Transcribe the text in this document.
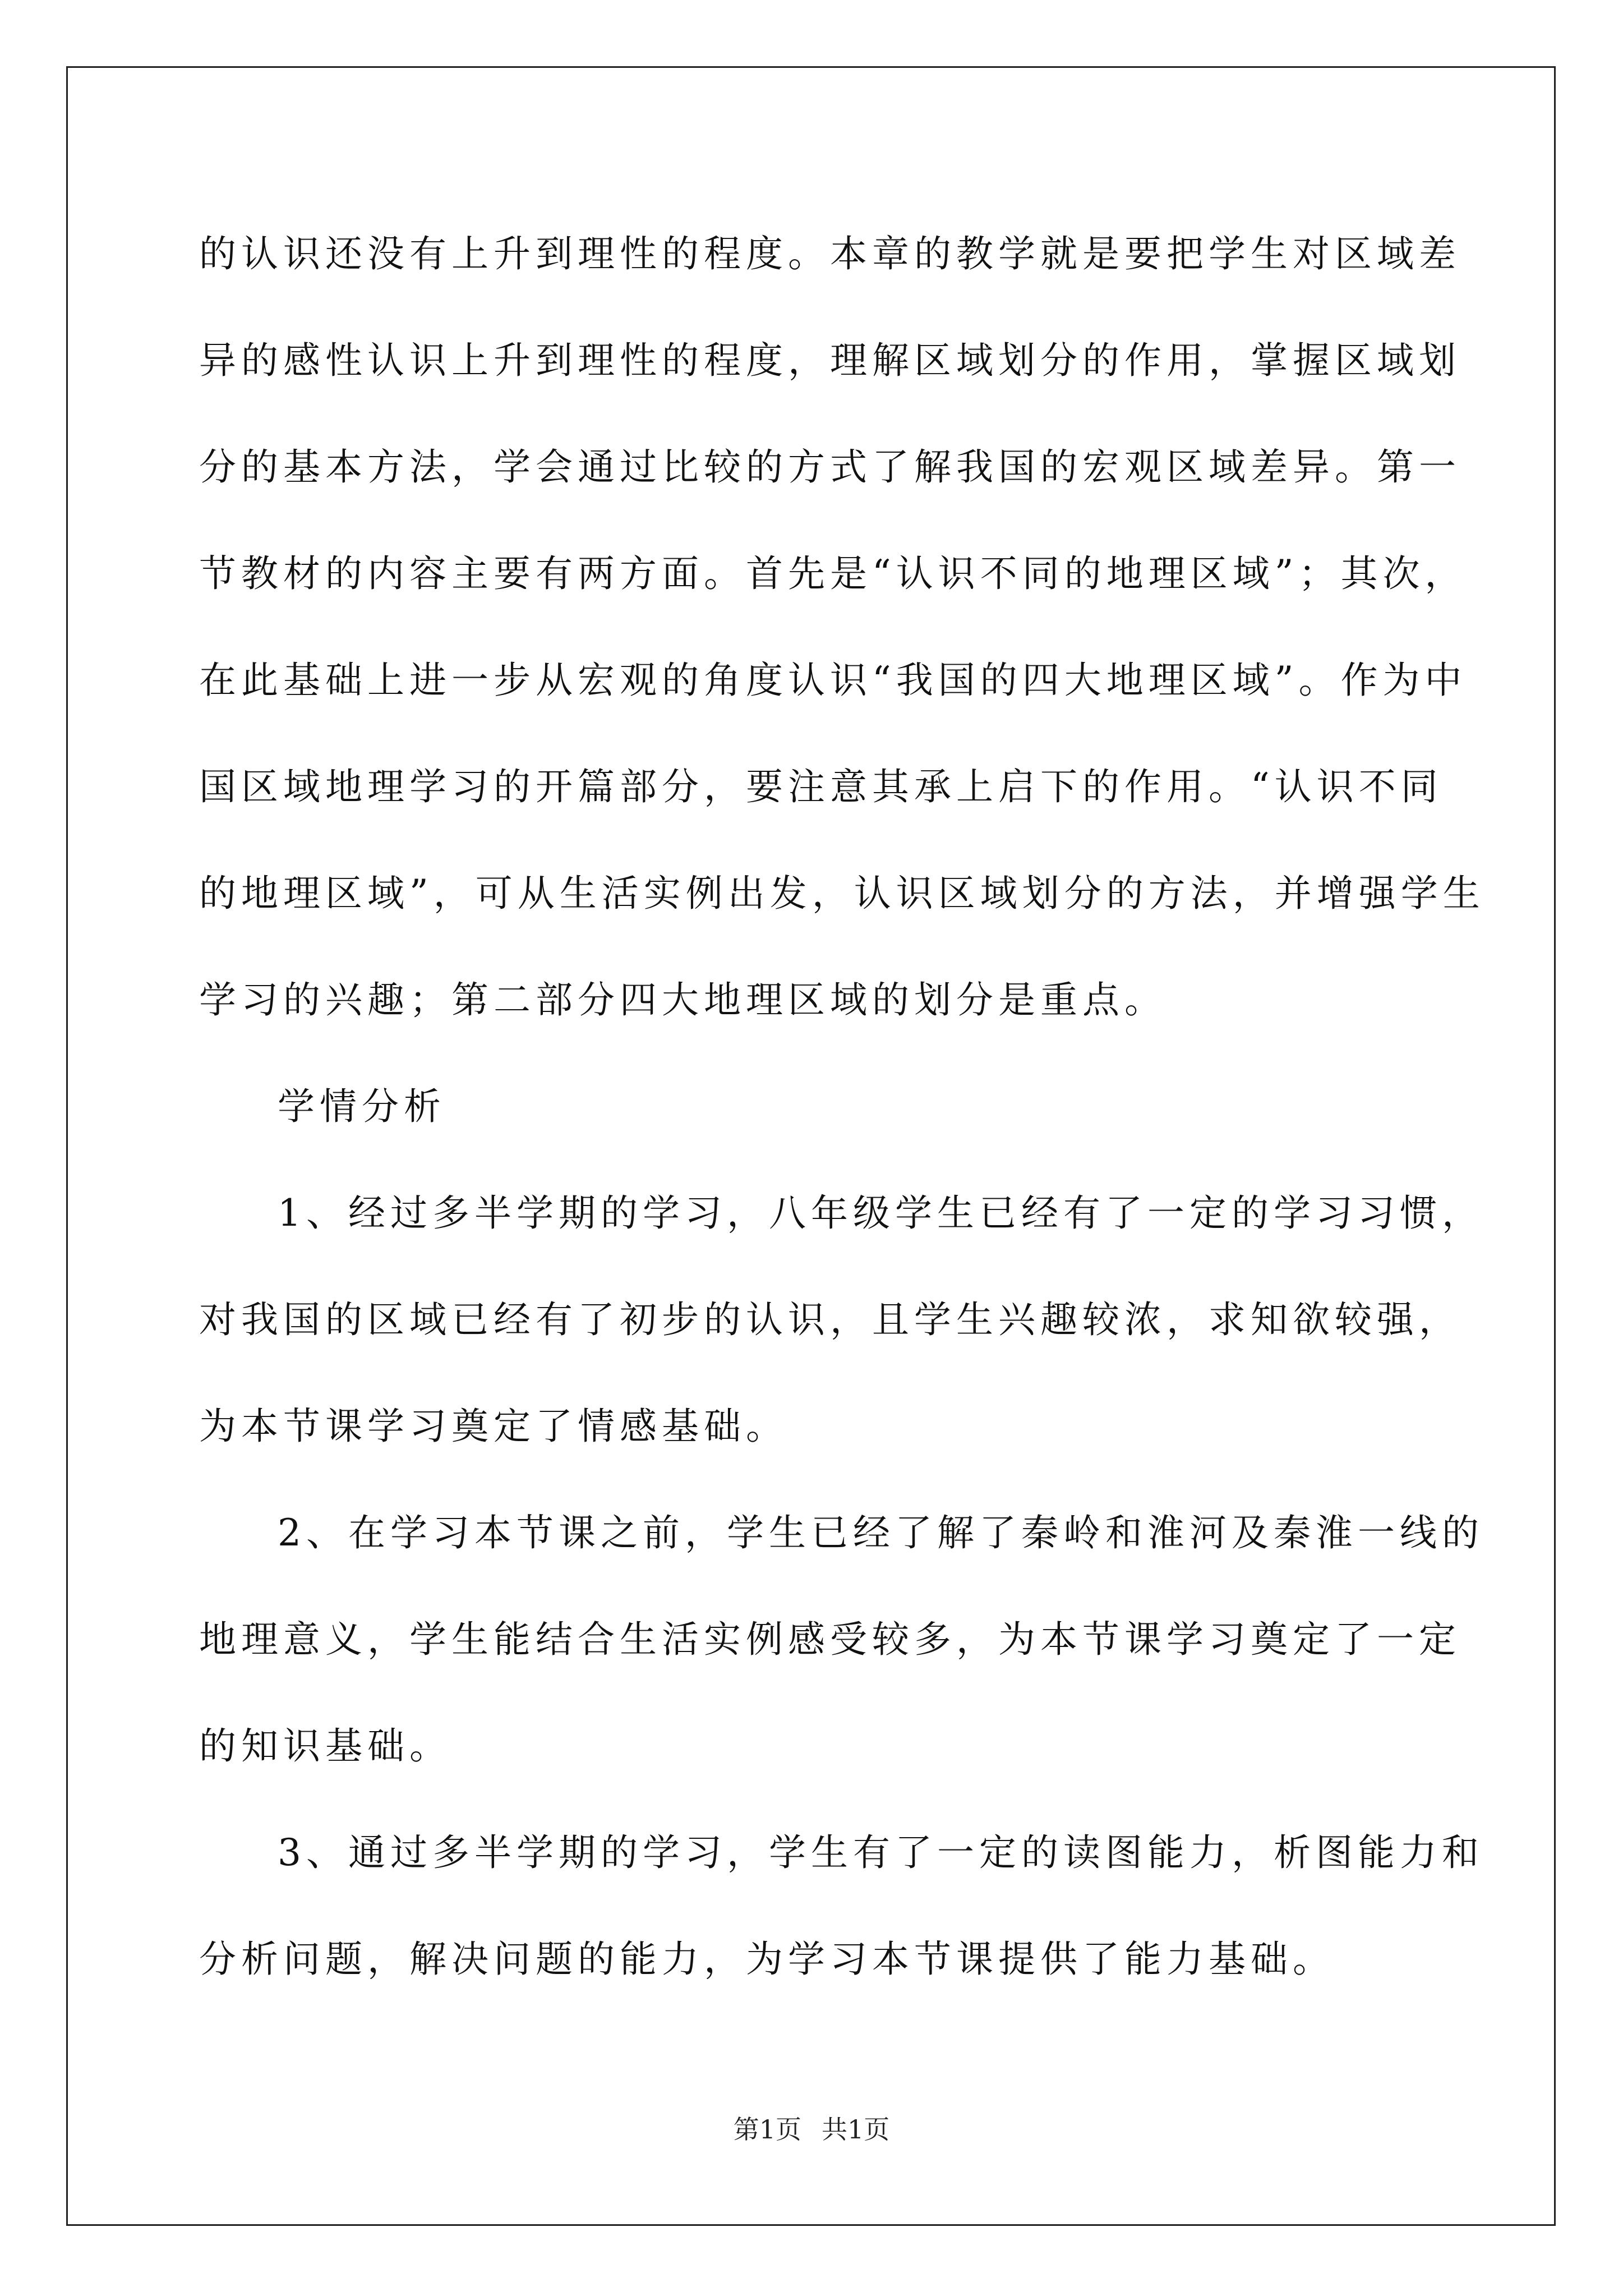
的认识还没有上升到理性的程度。本章的教学就是要把学生对区域差
异的感性认识上升到理性的程度，理解区域划分的作用，掌握区域划
分的基本方法，学会通过比较的方式了解我国的宏观区域差异。第一
节教材的内容主要有两方面。首先是“认识不同的地理区域”；其次，
在此基础上进一步从宏观的角度认识“我国的四大地理区域”。作为中
国区域地理学习的开篇部分，要注意其承上启下的作用。“认识不同
的地理区域”，可从生活实例出发，认识区域划分的方法，并增强学生
学习的兴趣；第二部分四大地理区域的划分是重点。
学情分析
1、经过多半学期的学习，八年级学生已经有了一定的学习习惯，
对我国的区域已经有了初步的认识，且学生兴趣较浓，求知欲较强，
为本节课学习奠定了情感基础。
2、在学习本节课之前，学生已经了解了秦岭和淮河及秦淮一线的
地理意义，学生能结合生活实例感受较多，为本节课学习奠定了一定
的知识基础。
3、通过多半学期的学习，学生有了一定的读图能力，析图能力和
分析问题，解决问题的能力，为学习本节课提供了能力基础。
第1页 共1页
